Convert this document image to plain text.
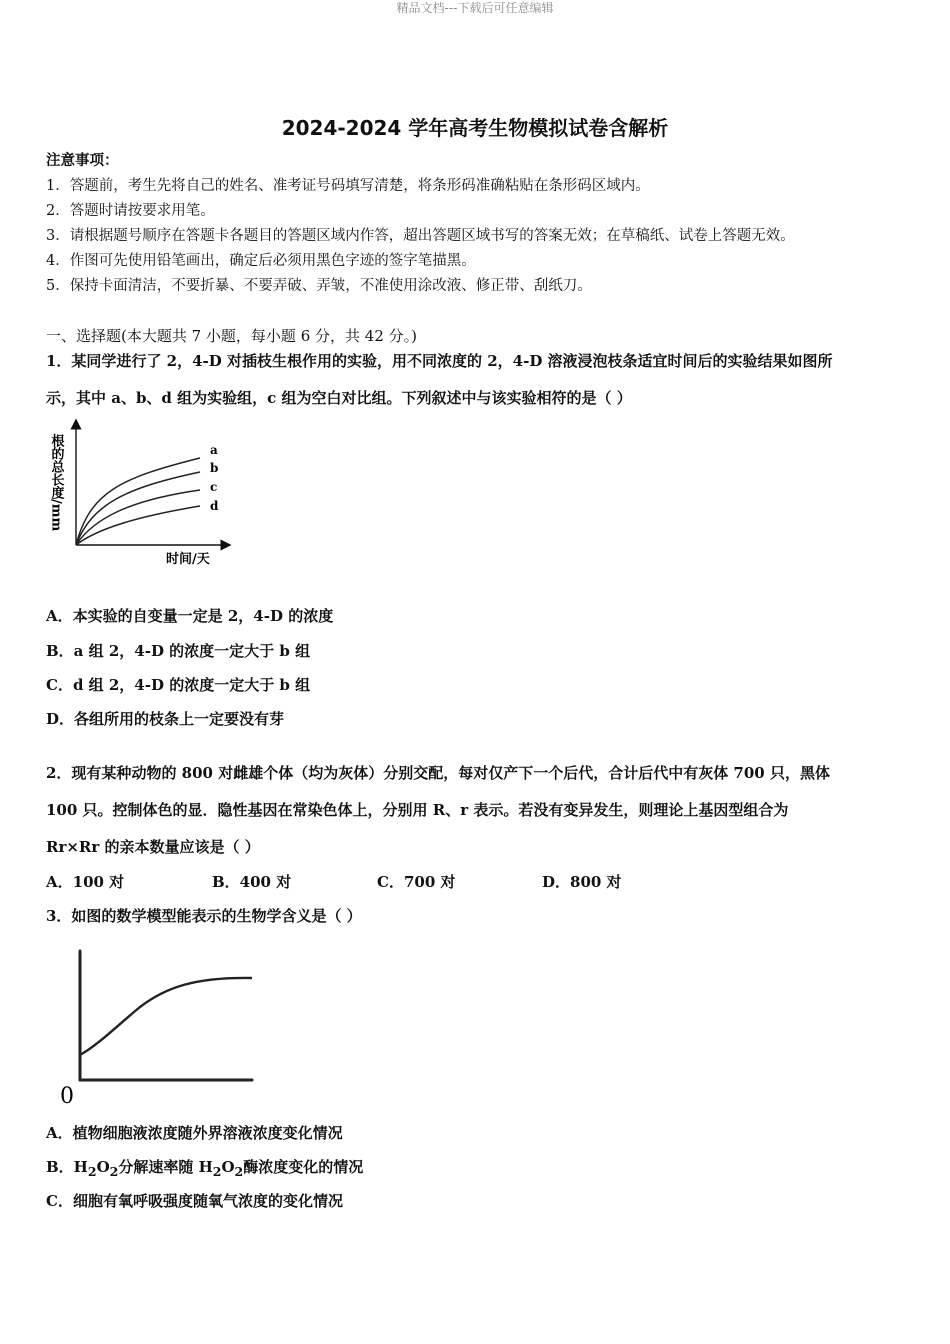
精品文档---下载后可任意编辑
2024-2024 学年高考生物模拟试卷含解析
注意事项：
1．答题前，考生先将自己的姓名、准考证号码填写清楚，将条形码准确粘贴在条形码区域内。
2．答题时请按要求用笔。
3．请根据题号顺序在答题卡各题目的答题区域内作答，超出答题区域书写的答案无效；在草稿纸、试卷上答题无效。
4．作图可先使用铅笔画出，确定后必须用黑色字迹的签字笔描黑。
5．保持卡面清洁，不要折暴、不要弄破、弄皱，不准使用涂改液、修正带、刮纸刀。
一、选择题(本大题共 7 小题，每小题 6 分，共 42 分。)
1．某同学进行了 2，4-D 对插枝生根作用的实验，用不同浓度的 2，4-D 溶液浸泡枝条适宜时间后的实验结果如图所
示，其中 a、b、d 组为实验组，c 组为空白对比组。下列叙述中与该实验相符的是（ ）
a
b
c
d
根的总长度/mm
时间/天
A．本实验的自变量一定是 2，4-D 的浓度
B．a 组 2，4-D 的浓度一定大于 b 组
C．d 组 2，4-D 的浓度一定大于 b 组
D．各组所用的枝条上一定要没有芽
2．现有某种动物的 800 对雌雄个体（均为灰体）分别交配，每对仅产下一个后代，合计后代中有灰体 700 只，黑体
100 只。控制体色的显．隐性基因在常染色体上，分别用 R、r 表示。若没有变异发生，则理论上基因型组合为
Rr×Rr 的亲本数量应该是（ ）
A．100 对	B．400 对	C．700 对	D．800 对
3．如图的数学模型能表示的生物学含义是（ ）
0
A．植物细胞液浓度随外界溶液浓度变化情况
B．$H_2O_2$分解速率随 $H_2O_2$酶浓度变化的情况
C．细胞有氧呼吸强度随氧气浓度的变化情况
